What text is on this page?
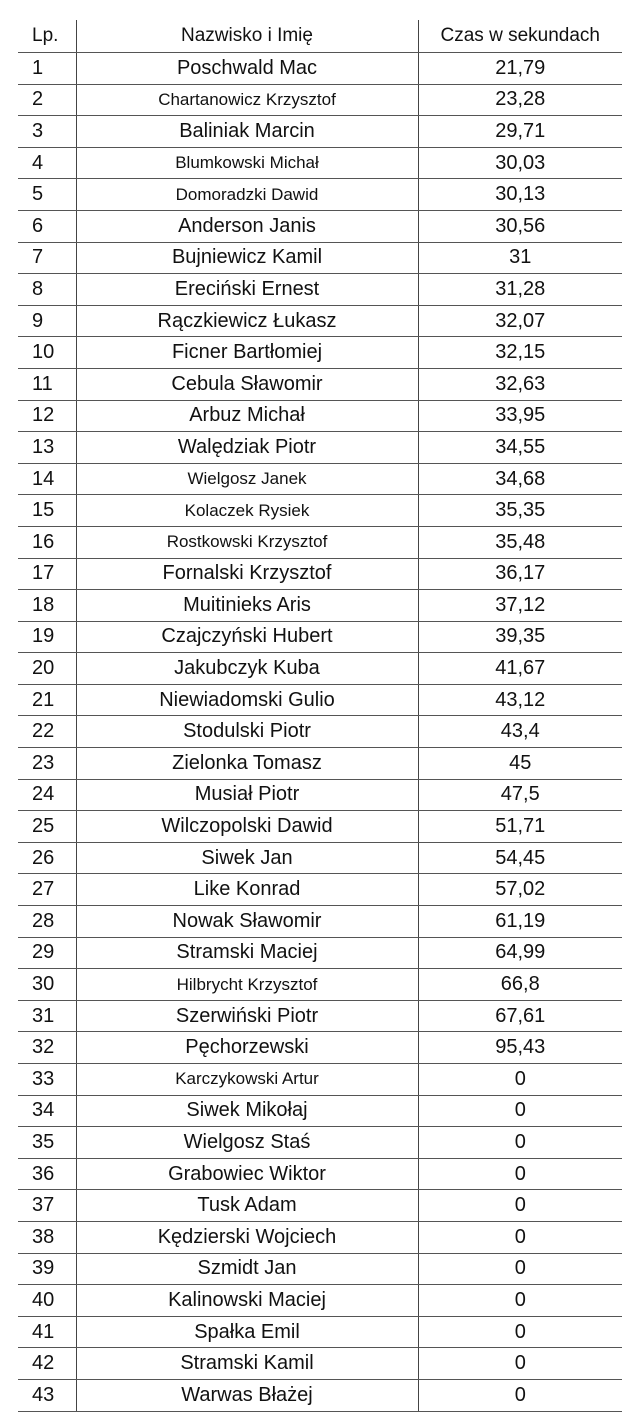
Lp.	Nazwisko i Imię	Czas w sekundach
1	Poschwald Mac	21,79
2	Chartanowicz Krzysztof	23,28
3	Baliniak Marcin	29,71
4	Blumkowski Michał	30,03
5	Domoradzki Dawid	30,13
6	Anderson Janis	30,56
7	Bujniewicz Kamil	31
8	Ereciński Ernest	31,28
9	Rączkiewicz Łukasz	32,07
10	Ficner Bartłomiej	32,15
11	Cebula Sławomir	32,63
12	Arbuz Michał	33,95
13	Walędziak Piotr	34,55
14	Wielgosz Janek	34,68
15	Kolaczek Rysiek	35,35
16	Rostkowski Krzysztof	35,48
17	Fornalski Krzysztof	36,17
18	Muitinieks Aris	37,12
19	Czajczyński Hubert	39,35
20	Jakubczyk Kuba	41,67
21	Niewiadomski Gulio	43,12
22	Stodulski Piotr	43,4
23	Zielonka Tomasz	45
24	Musiał Piotr	47,5
25	Wilczopolski Dawid	51,71
26	Siwek Jan	54,45
27	Like Konrad	57,02
28	Nowak Sławomir	61,19
29	Stramski Maciej	64,99
30	Hilbrycht Krzysztof	66,8
31	Szerwiński Piotr	67,61
32	Pęchorzewski	95,43
33	Karczykowski Artur	0
34	Siwek Mikołaj	0
35	Wielgosz Staś	0
36	Grabowiec Wiktor	0
37	Tusk Adam	0
38	Kędzierski Wojciech	0
39	Szmidt Jan	0
40	Kalinowski Maciej	0
41	Spałka Emil	0
42	Stramski Kamil	0
43	Warwas Błażej	0
